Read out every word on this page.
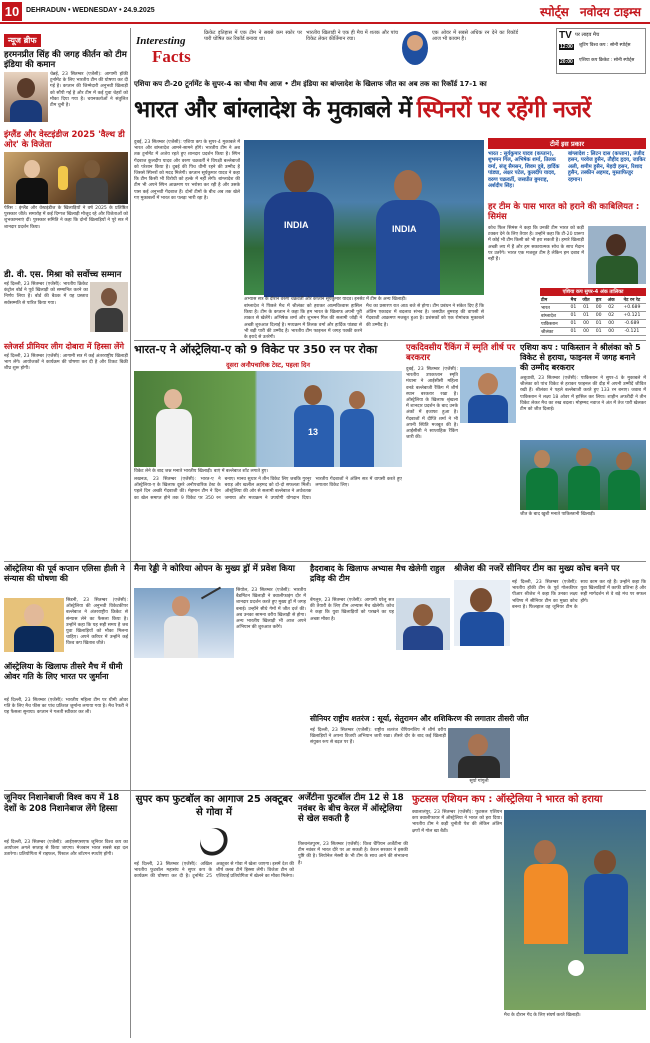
10 DEHRADUN • WEDNESDAY • 24.9.2025	स्पोर्ट्स नवोदय टाइम्स
न्यूज ब्रीफ
हरमनप्रीत सिंह की जगह कीर्तन को टीम इंडिया की कमान
चेन्नई, 23 सितम्बर (एजेंसी): आगामी हॉकी टूर्नामेंट के लिए भारतीय टीम की घोषणा कर दी गई है। कप्तान की जिम्मेदारी अनुभवी खिलाड़ी को सौंपी गई है और टीम में कई युवा चेहरों को मौका दिया गया है। चयनकर्ताओं ने संतुलित टीम चुनी है।
इंग्लैंड और वेस्टइंडीज 2025 'वैल्थ डी ओर' के विजेता
पेरिस : इंग्लैंड और वेस्टइंडीज के खिलाड़ियों ने वर्ष 2025 के प्रतिष्ठित पुरस्कार जीते। समारोह में कई दिग्गज खिलाड़ी मौजूद रहे और विजेताओं को शुभकामनाएं दीं। पुरस्कार समिति ने कहा कि दोनों खिलाड़ियों ने पूरे सत्र में शानदार प्रदर्शन किया।
डी. वी. एस. मिश्रा को सर्वोच्च सम्मान
नई दिल्ली, 23 सितम्बर (एजेंसी): भारतीय क्रिकेट कंट्रोल बोर्ड ने पूर्व खिलाड़ी को सम्मानित करने का निर्णय लिया है। बोर्ड की बैठक में यह प्रस्ताव सर्वसम्मति से पारित किया गया।
स्लेजर्स प्रीमियर लीग दोबारा में हिस्सा लेंगे
नई दिल्ली, 23 सितम्बर (एजेंसी): आगामी सत्र में कई अंतरराष्ट्रीय खिलाड़ी भाग लेंगे। आयोजकों ने कार्यक्रम की घोषणा कर दी है और टिकट बिक्री शीघ्र शुरू होगी।
Interesting
Facts
क्रिकेट इतिहास में एक टीम ने सबसे कम स्कोर पर पारी घोषित कर रिकॉर्ड बनाया था।
भारतीय खिलाड़ी ने एक ही मैच में शतक और पांच विकेट लेकर कीर्तिमान रचा।
एक ओवर में सबसे अधिक रन देने का रिकॉर्ड आज भी कायम है।	TV पर लाइव मैच
12:00 शूटिंग विश्व कप : सोनी स्पोर्ट्स
20:00 एशिया कप क्रिकेट : सोनी स्पोर्ट्स
एशिया कप टी-20 टूर्नामेंट के सुपर-4 का चौथा मैच आज • टीम इंडिया का बांग्लादेश के खिलाफ जीत का अब तक का रिकॉर्ड 17-1 का
भारत और बांग्लादेश के मुकाबले में स्पिनरों पर रहेंगी नजरें
दुबई, 23 सितम्बर (एजेंसी): एशिया कप के सुपर-4 मुकाबले में भारत और बांग्लादेश आमने-सामने होंगे। भारतीय टीम ने अब तक टूर्नामेंट में अजेय रहते हुए शानदार प्रदर्शन किया है। स्पिन गेंदबाज कुलदीप यादव और वरुण चक्रवर्ती ने विपक्षी बल्लेबाजों को परेशान किया है। दुबई की पिच धीमी रहने की उम्मीद है जिससे स्पिनरों को मदद मिलेगी। कप्तान सूर्यकुमार यादव ने कहा कि टीम किसी भी विरोधी को हल्के में नहीं लेगी। बांग्लादेश की टीम भी अपने स्पिन आक्रमण पर भरोसा कर रही है और उसके पास कई अनुभवी गेंदबाज हैं। दोनों टीमों के बीच अब तक खेले गए मुकाबलों में भारत का पलड़ा भारी रहा है।
INDIA	INDIA
अभ्यास सत्र के दौरान वरुण चक्रवर्ती और कप्तान सूर्यकुमार यादव। इनसेट में टीम के अन्य खिलाड़ी।
बांग्लादेश ने पिछले मैच में श्रीलंका को हराकर आत्मविश्वास हासिल किया है। टीम के कप्तान ने कहा कि हम भारत के खिलाफ अपनी पूरी ताकत से खेलेंगे। अभिषेक शर्मा और शुभमन गिल की सलामी जोड़ी ने अच्छी शुरुआत दिलाई है। मध्यक्रम में तिलक वर्मा और हार्दिक पांड्या से भी बड़ी पारी की उम्मीद है। भारतीय टीम फाइनल में जगह पक्की करने के इरादे से उतरेगी।
मैच का प्रसारण रात आठ बजे से होगा। टीम प्रबंधन ने संकेत दिए हैं कि अंतिम एकादश में बदलाव संभव है। जसप्रीत बुमराह की वापसी से गेंदबाजी आक्रमण मजबूत हुआ है। प्रशंसकों को एक रोमांचक मुकाबले की उम्मीद है।
टीमें इस प्रकार
भारत : सूर्यकुमार यादव (कप्तान), शुभमन गिल, अभिषेक शर्मा, तिलक वर्मा, संजू सैमसन, शिवम दुबे, हार्दिक पांड्या, अक्षर पटेल, कुलदीप यादव, वरुण चक्रवर्ती, जसप्रीत बुमराह, अर्शदीप सिंह।
बांग्लादेश : लिटन दास (कप्तान), तंजीद हसन, परवेज हुसैन, तौहीद हृदय, जाकिर अली, शमीम हुसैन, मेहदी हसन, रिशाद हुसैन, तस्कीन अहमद, मुस्ताफिजुर रहमान।
हर टीम के पास भारत को हराने की काबिलियत : सिमंस
कोच फिल सिमंस ने कहा कि उनकी टीम भारत को कड़ी टक्कर देने के लिए तैयार है। उन्होंने कहा कि टी-20 प्रारूप में कोई भी टीम किसी को भी हरा सकती है। हमारे खिलाड़ी अच्छी लय में हैं और हम सकारात्मक सोच के साथ मैदान पर उतरेंगे। भारत एक मजबूत टीम है लेकिन हम दबाव में नहीं हैं।
एशिया कप सुपर-4 अंक तालिका
टीम	मैच	जीत	हार	अंक	नेट रन रेट
भारत	01	01	00	02	+0.689
बांग्लादेश	01	01	00	02	+0.121
पाकिस्तान	01	00	01	00	-0.689
श्रीलंका	01	00	01	00	-0.121
भारत-ए ने ऑस्ट्रेलिया-ए को 9 विकेट पर 350 रन पर रोका
दूसरा अनौपचारिक टेस्ट, पहला दिन
13
विकेट लेने के बाद जश्न मनाते भारतीय खिलाड़ी। बाएं में बल्लेबाज शॉट लगाते हुए।
लखनऊ, 23 सितम्बर (एजेंसी): भारत-ए ने ऑस्ट्रेलिया-ए के खिलाफ दूसरे अनौपचारिक टेस्ट के पहले दिन अच्छी गेंदबाजी की। मेहमान टीम ने दिन का खेल समाप्त होने तक 9 विकेट पर 350 रन बनाए। मानव सुथार ने तीन विकेट लिए जबकि गुरनूर बराड़ और खलील अहमद को दो-दो सफलता मिली। ऑस्ट्रेलिया की ओर से सलामी बल्लेबाज ने अर्धशतक जमाया और मध्यक्रम ने उपयोगी योगदान दिया। भारतीय गेंदबाजों ने अंतिम सत्र में वापसी करते हुए लगातार विकेट लिए।
एकदिवसीय रैंकिंग में स्मृति शीर्ष पर बरकरार
दुबई, 23 सितम्बर (एजेंसी): भारतीय उपकप्तान स्मृति मंधाना ने आईसीसी महिला वनडे बल्लेबाजी रैंकिंग में शीर्ष स्थान बरकरार रखा है। ऑस्ट्रेलिया के खिलाफ श्रृंखला में शानदार प्रदर्शन के बाद उनके अंकों में इजाफा हुआ है। गेंदबाजों में दीप्ति शर्मा ने भी अपनी स्थिति मजबूत की है। आईसीसी ने साप्ताहिक रैंकिंग जारी की।
एशिया कप : पाकिस्तान ने श्रीलंका को 5 विकेट से हराया, फाइनल में जगह बनाने की उम्मीद बरकरार
अबूधाबी, 23 सितम्बर (एजेंसी): पाकिस्तान ने सुपर-4 के मुकाबले में श्रीलंका को पांच विकेट से हराकर फाइनल की दौड़ में अपनी उम्मीदें जीवित रखी हैं। श्रीलंका ने पहले बल्लेबाजी करते हुए 133 रन बनाए। जवाब में पाकिस्तान ने लक्ष्य 18 ओवर में हासिल कर लिया। शाहीन अफरीदी ने तीन विकेट लेकर मैच का रुख बदला। मोहम्मद नवाज ने अंत में तेज पारी खेलकर टीम को जीत दिलाई।
जीत के बाद खुशी मनाते पाकिस्तानी खिलाड़ी।
ऑस्ट्रेलिया की पूर्व कप्तान एलिसा हीली ने संन्यास की घोषणा की
सिडनी, 23 सितम्बर (एजेंसी): ऑस्ट्रेलिया की अनुभवी विकेटकीपर बल्लेबाज ने अंतरराष्ट्रीय क्रिकेट से संन्यास लेने का फैसला किया है। उन्होंने कहा कि यह सही समय है जब युवा खिलाड़ियों को मौका मिलना चाहिए। अपने करियर में उन्होंने कई विश्व कप खिताब जीते।
ऑस्ट्रेलिया के खिलाफ तीसरे मैच में धीमी ओवर गति के लिए भारत पर जुर्माना
नई दिल्ली, 23 सितम्बर (एजेंसी): भारतीय महिला टीम पर धीमी ओवर गति के लिए मैच फीस का पांच प्रतिशत जुर्माना लगाया गया है। मैच रैफरी ने यह फैसला सुनाया। कप्तान ने गलती स्वीकार कर ली।
मैना रेड्डी ने कोरिया ओपन के मुख्य ड्रॉ में प्रवेश किया
सियोल, 23 सितम्बर (एजेंसी): भारतीय बैडमिंटन खिलाड़ी ने क्वालीफाइंग दौर में शानदार प्रदर्शन करते हुए मुख्य ड्रॉ में जगह बनाई। उन्होंने सीधे गेमों में जीत दर्ज की। अब उनका सामना वरीय खिलाड़ी से होगा। अन्य भारतीय खिलाड़ी भी आज अपने अभियान की शुरुआत करेंगे।
हैदराबाद के खिलाफ अभ्यास मैच खेलेगी राहुल द्रविड़ की टीम
बेंगलुरु, 23 सितम्बर (एजेंसी): आगामी घरेलू सत्र की तैयारी के लिए टीम अभ्यास मैच खेलेगी। कोच ने कहा कि युवा खिलाड़ियों को परखने का यह अच्छा मौका है।
श्रीजेश की नजरें सीनियर टीम का मुख्य कोच बनने पर
नई दिल्ली, 23 सितम्बर (एजेंसी): भारतीय हॉकी टीम के पूर्व गोलकीपर पीआर श्रीजेश ने कहा कि उनका लक्ष्य भविष्य में सीनियर टीम का मुख्य कोच बनना है। फिलहाल वह जूनियर टीम के साथ काम कर रहे हैं। उन्होंने कहा कि युवा खिलाड़ियों में काफी प्रतिभा है और सही मार्गदर्शन से वे बड़े मंच पर सफल होंगे।
सीनियर राष्ट्रीय शतरंज : सूर्या, सेतुरामन और शशिकिरण की लगातार तीसरी जीत
नई दिल्ली, 23 सितम्बर (एजेंसी): राष्ट्रीय शतरंज चैंपियनशिप में शीर्ष वरीय खिलाड़ियों ने अपना विजयी अभियान जारी रखा। तीसरे दौर के बाद कई खिलाड़ी संयुक्त रूप से बढ़त पर हैं।
सूर्या गांगुली
जूनियर निशानेबाजी विश्व कप में 18 देशों के 208 निशानेबाज लेंगे हिस्सा
नई दिल्ली, 23 सितम्बर (एजेंसी): आईएसएसएफ जूनियर विश्व कप का आयोजन अगले सप्ताह से किया जाएगा। मेजबान भारत सबसे बड़ा दल उतारेगा। प्रतियोगिता में राइफल, पिस्टल और शॉटगन स्पर्धाएं होंगी।
सुपर कप फुटबॉल का आगाज 25 अक्टूबर से गोवा में
नई दिल्ली, 23 सितम्बर (एजेंसी): अखिल भारतीय फुटबॉल महासंघ ने सुपर कप के कार्यक्रम की घोषणा कर दी है। टूर्नामेंट 25 अक्टूबर से गोवा में खेला जाएगा। इसमें देश की शीर्ष क्लब टीमें हिस्सा लेंगी। विजेता टीम को एशियाई प्रतियोगिता में खेलने का मौका मिलेगा।
अर्जेंटीना फुटबॉल टीम 12 से 18 नवंबर के बीच केरल में ऑस्ट्रेलिया से खेल सकती है
तिरुवनंतपुरम, 23 सितम्बर (एजेंसी): विश्व चैंपियन अर्जेंटीना की टीम नवंबर में भारत दौरे पर आ सकती है। केरल सरकार ने इसकी पुष्टि की है। लियोनेल मेस्सी के भी टीम के साथ आने की संभावना है।
फुटसल एशियन कप : ऑस्ट्रेलिया ने भारत को हराया
क्वालालंपुर, 23 सितम्बर (एजेंसी): फुटसल एशियन कप क्वालीफायर में ऑस्ट्रेलिया ने भारत को हरा दिया। भारतीय टीम ने कड़ी चुनौती पेश की लेकिन अंतिम क्षणों में गोल खा बैठी।
मैच के दौरान गेंद के लिए संघर्ष करते खिलाड़ी।
